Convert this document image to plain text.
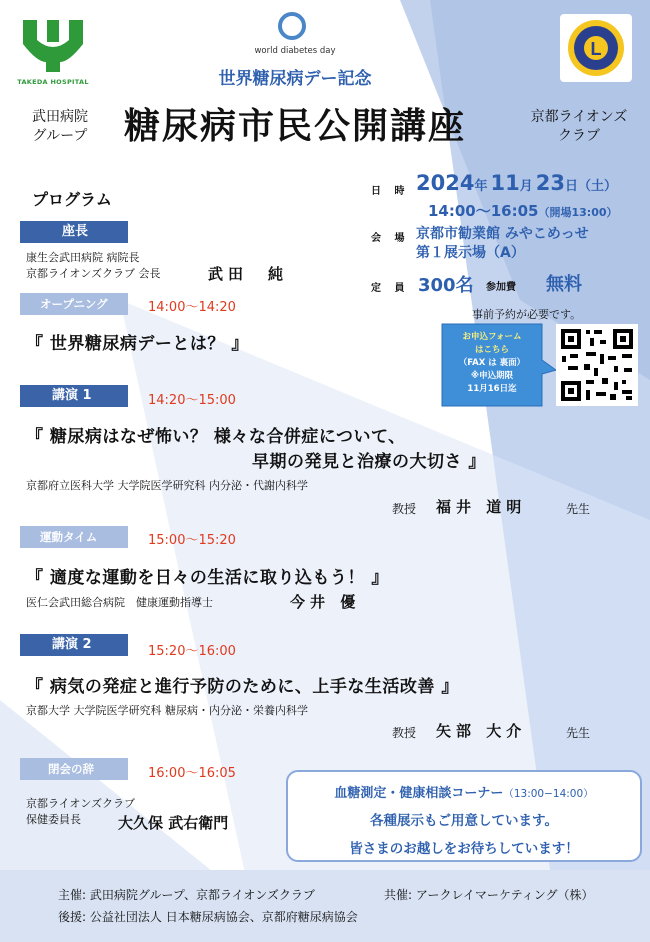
TAKEDA HOSPITAL
world diabetes day
世界糖尿病デー記念
糖尿病市民公開講座
武田病院
グループ
京都ライオンズ
クラブ
L
日 時 2024年 11月 23日（土）
14:00〜16:05（開場13:00）
会 場 京都市勧業館 みやこめっせ
第１展示場（A）
定 員 300名 参加費 無料
事前予約が必要です。
お申込フォーム
はこちら
（FAX は 裏面）
※申込期限
11月16日迄
プログラム
座長
康生会武田病院 病院長
京都ライオンズクラブ 会長	武田　純
オープニング	14:00〜14:20
『 世界糖尿病デーとは？ 』
講演 1	14:20〜15:00
『 糖尿病はなぜ怖い？ 様々な合併症について、
早期の発見と治療の大切さ 』
京都府立医科大学 大学院医学研究科 内分泌・代謝内科学
教授 福井 道明	先生
運動タイム	15:00〜15:20
『 適度な運動を日々の生活に取り込もう！ 』
医仁会武田総合病院　健康運動指導士	今井 優
講演 2	15:20〜16:00
『 病気の発症と進行予防のために、上手な生活改善 』
京都大学 大学院医学研究科 糖尿病・内分泌・栄養内科学
教授 矢部 大介	先生
閉会の辞	16:00〜16:05
京都ライオンズクラブ
保健委員長 大久保 武右衛門
血糖測定・健康相談コーナー（13:00−14:00）
各種展示もご用意しています。
皆さまのお越しをお待ちしています！
主催: 武田病院グループ、京都ライオンズクラブ	共催: アークレイマーケティング（株）
後援: 公益社団法人 日本糖尿病協会、京都府糖尿病協会
